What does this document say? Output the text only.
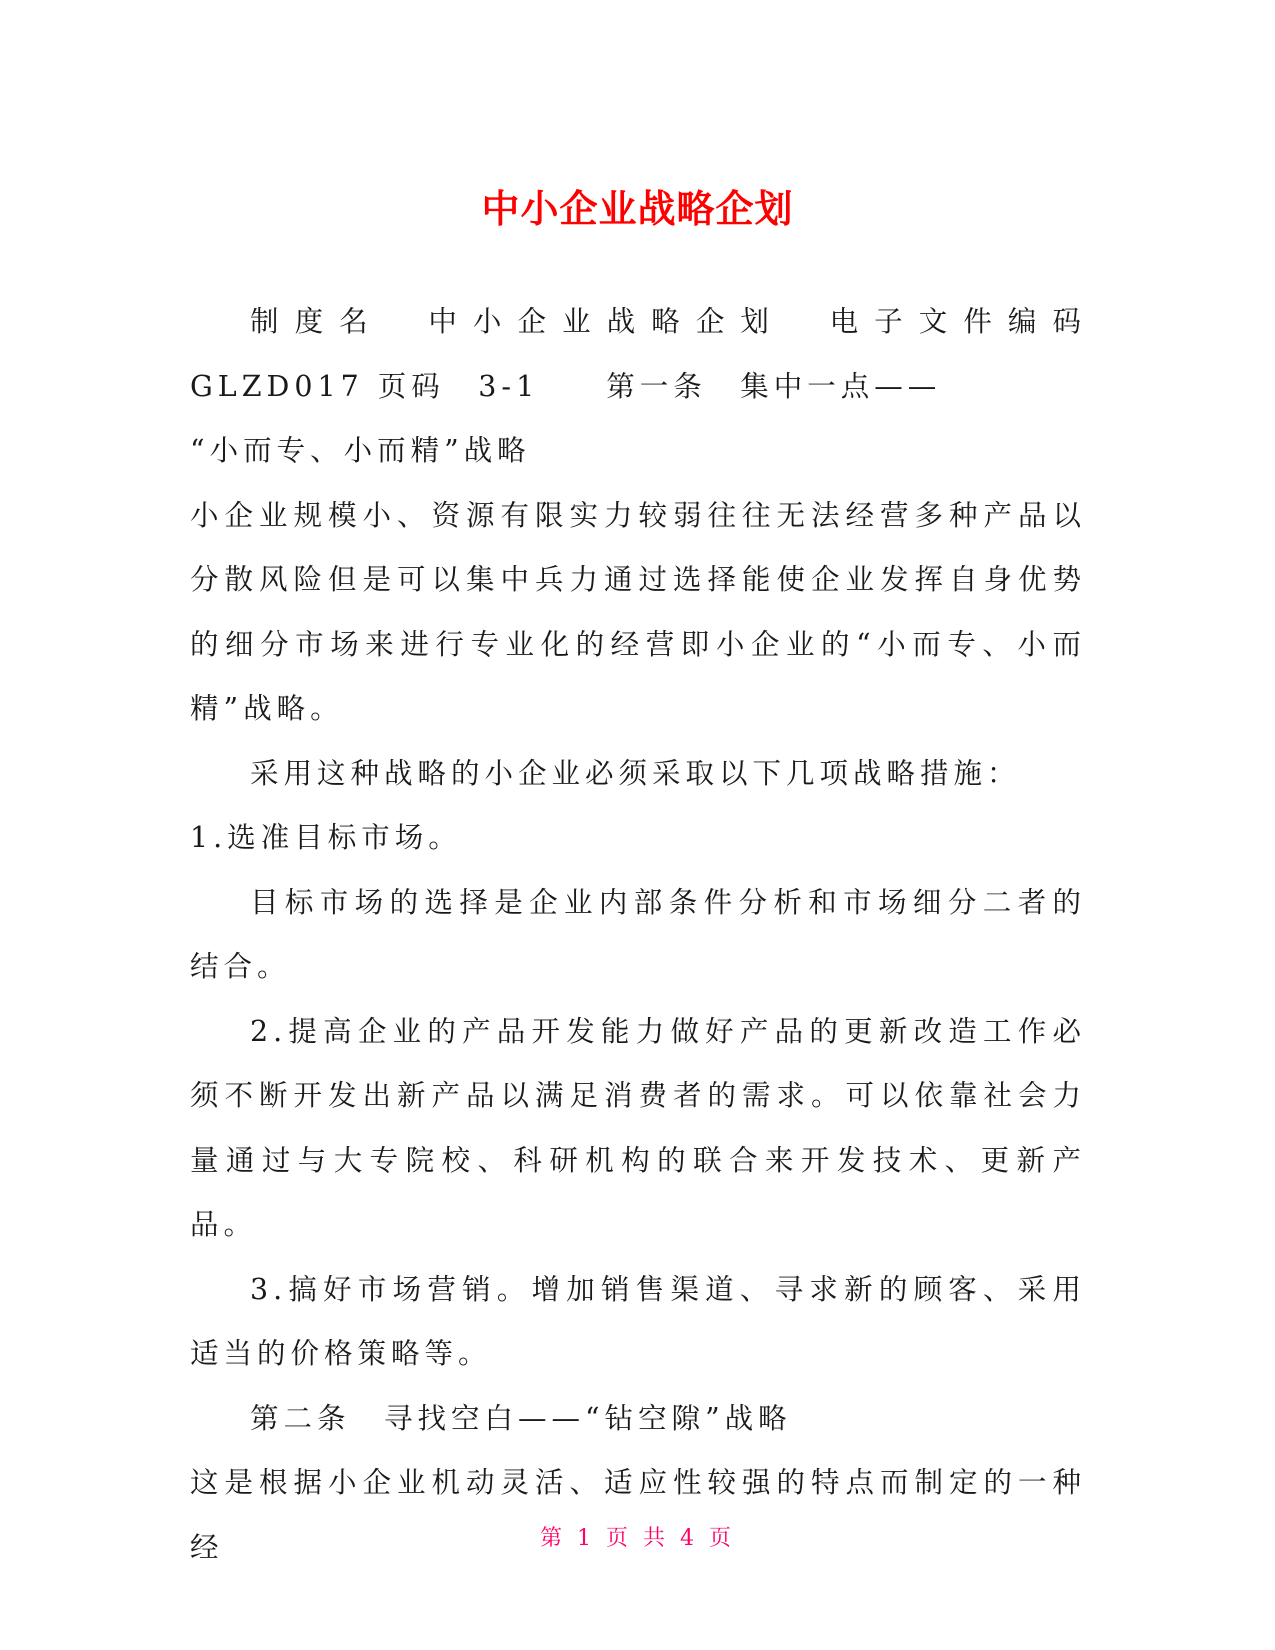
中小企业战略企划

制度名　中小企业战略企划　电子文件编码　GLZD017 页码　3-1　　第一条　集中一点——

“小而专、小而精”战略

小企业规模小、资源有限实力较弱往往无法经营多种产品以分散风险但是可以集中兵力通过选择能使企业发挥自身优势的细分市场来进行专业化的经营即小企业的“小而专、小而精”战略。

采用这种战略的小企业必须采取以下几项战略措施：

1.选准目标市场。

目标市场的选择是企业内部条件分析和市场细分二者的结合。

2.提高企业的产品开发能力做好产品的更新改造工作必须不断开发出新产品以满足消费者的需求。可以依靠社会力量通过与大专院校、科研机构的联合来开发技术、更新产品。

3.搞好市场营销。增加销售渠道、寻求新的顾客、采用适当的价格策略等。

第二条　寻找空白——“钻空隙”战略

这是根据小企业机动灵活、适应性较强的特点而制定的一种经	第 1 页 共 4 页
